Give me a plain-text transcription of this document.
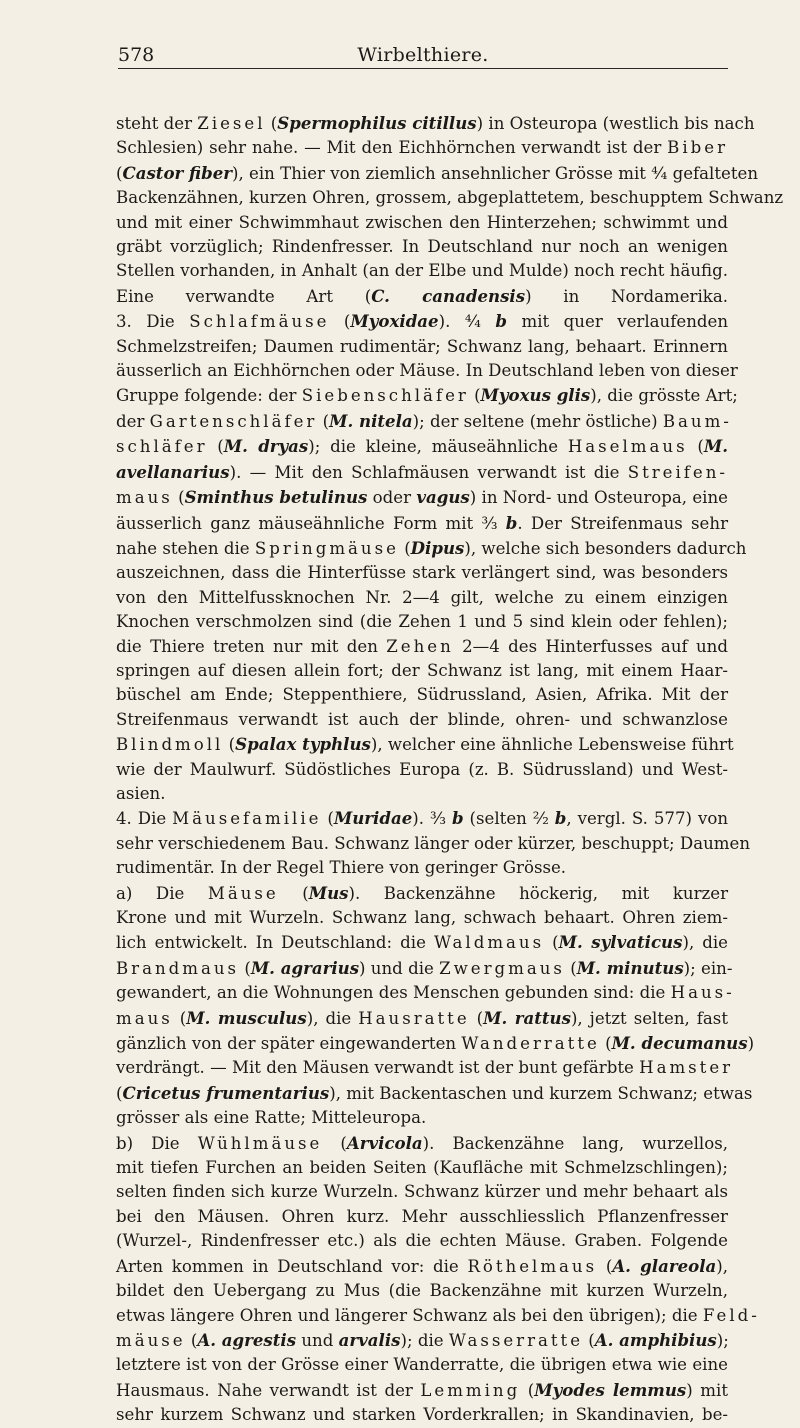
578	Wirbelthiere.
steht der Ziesel (Spermophilus citillus) in Osteuropa (westlich bis nach
Schlesien) sehr nahe. — Mit den Eichhörnchen verwandt ist der Biber
(Castor fiber), ein Thier von ziemlich ansehnlicher Grösse mit ⁴⁄₄ gefalteten
Backenzähnen, kurzen Ohren, grossem, abgeplattetem, beschupptem Schwanz
und mit einer Schwimmhaut zwischen den Hinterzehen; schwimmt und
gräbt vorzüglich; Rindenfresser. In Deutschland nur noch an wenigen
Stellen vorhanden, in Anhalt (an der Elbe und Mulde) noch recht häufig.
Eine verwandte Art (C. canadensis) in Nordamerika.
3. Die Schlafmäuse (Myoxidae). ⁴⁄₄ b mit quer verlaufenden
Schmelzstreifen; Daumen rudimentär; Schwanz lang, behaart. Erinnern
äusserlich an Eichhörnchen oder Mäuse. In Deutschland leben von dieser
Gruppe folgende: der Siebenschläfer (Myoxus glis), die grösste Art;
der Gartenschläfer (M. nitela); der seltene (mehr östliche) Baum-
schläfer (M. dryas); die kleine, mäuseähnliche Haselmaus (M.
avellanarius). — Mit den Schlafmäusen verwandt ist die Streifen-
maus (Sminthus betulinus oder vagus) in Nord- und Osteuropa, eine
äusserlich ganz mäuseähnliche Form mit ³⁄₃ b. Der Streifenmaus sehr
nahe stehen die Springmäuse (Dipus), welche sich besonders dadurch
auszeichnen, dass die Hinterfüsse stark verlängert sind, was besonders
von den Mittelfussknochen Nr. 2—4 gilt, welche zu einem einzigen
Knochen verschmolzen sind (die Zehen 1 und 5 sind klein oder fehlen);
die Thiere treten nur mit den Zehen 2—4 des Hinterfusses auf und
springen auf diesen allein fort; der Schwanz ist lang, mit einem Haar-
büschel am Ende; Steppenthiere, Südrussland, Asien, Afrika. Mit der
Streifenmaus verwandt ist auch der blinde, ohren- und schwanzlose
Blindmoll (Spalax typhlus), welcher eine ähnliche Lebensweise führt
wie der Maulwurf. Südöstliches Europa (z. B. Südrussland) und West-
asien.
4. Die Mäusefamilie (Muridae). ³⁄₃ b (selten ²⁄₂ b, vergl. S. 577) von
sehr verschiedenem Bau. Schwanz länger oder kürzer, beschuppt; Daumen
rudimentär. In der Regel Thiere von geringer Grösse.
a) Die Mäuse (Mus). Backenzähne höckerig, mit kurzer
Krone und mit Wurzeln. Schwanz lang, schwach behaart. Ohren ziem-
lich entwickelt. In Deutschland: die Waldmaus (M. sylvaticus), die
Brandmaus (M. agrarius) und die Zwergmaus (M. minutus); ein-
gewandert, an die Wohnungen des Menschen gebunden sind: die Haus-
maus (M. musculus), die Hausratte (M. rattus), jetzt selten, fast
gänzlich von der später eingewanderten Wanderratte (M. decumanus)
verdrängt. — Mit den Mäusen verwandt ist der bunt gefärbte Hamster
(Cricetus frumentarius), mit Backentaschen und kurzem Schwanz; etwas
grösser als eine Ratte; Mitteleuropa.
b) Die Wühlmäuse (Arvicola). Backenzähne lang, wurzellos,
mit tiefen Furchen an beiden Seiten (Kaufläche mit Schmelzschlingen);
selten finden sich kurze Wurzeln. Schwanz kürzer und mehr behaart als
bei den Mäusen. Ohren kurz. Mehr ausschliesslich Pflanzenfresser
(Wurzel-, Rindenfresser etc.) als die echten Mäuse. Graben. Folgende
Arten kommen in Deutschland vor: die Röthelmaus (A. glareola),
bildet den Uebergang zu Mus (die Backenzähne mit kurzen Wurzeln,
etwas längere Ohren und längerer Schwanz als bei den übrigen); die Feld-
mäuse (A. agrestis und arvalis); die Wasserratte (A. amphibius);
letztere ist von der Grösse einer Wanderratte, die übrigen etwa wie eine
Hausmaus. Nahe verwandt ist der Lemming (Myodes lemmus) mit
sehr kurzem Schwanz und starken Vorderkrallen; in Skandinavien, be-
